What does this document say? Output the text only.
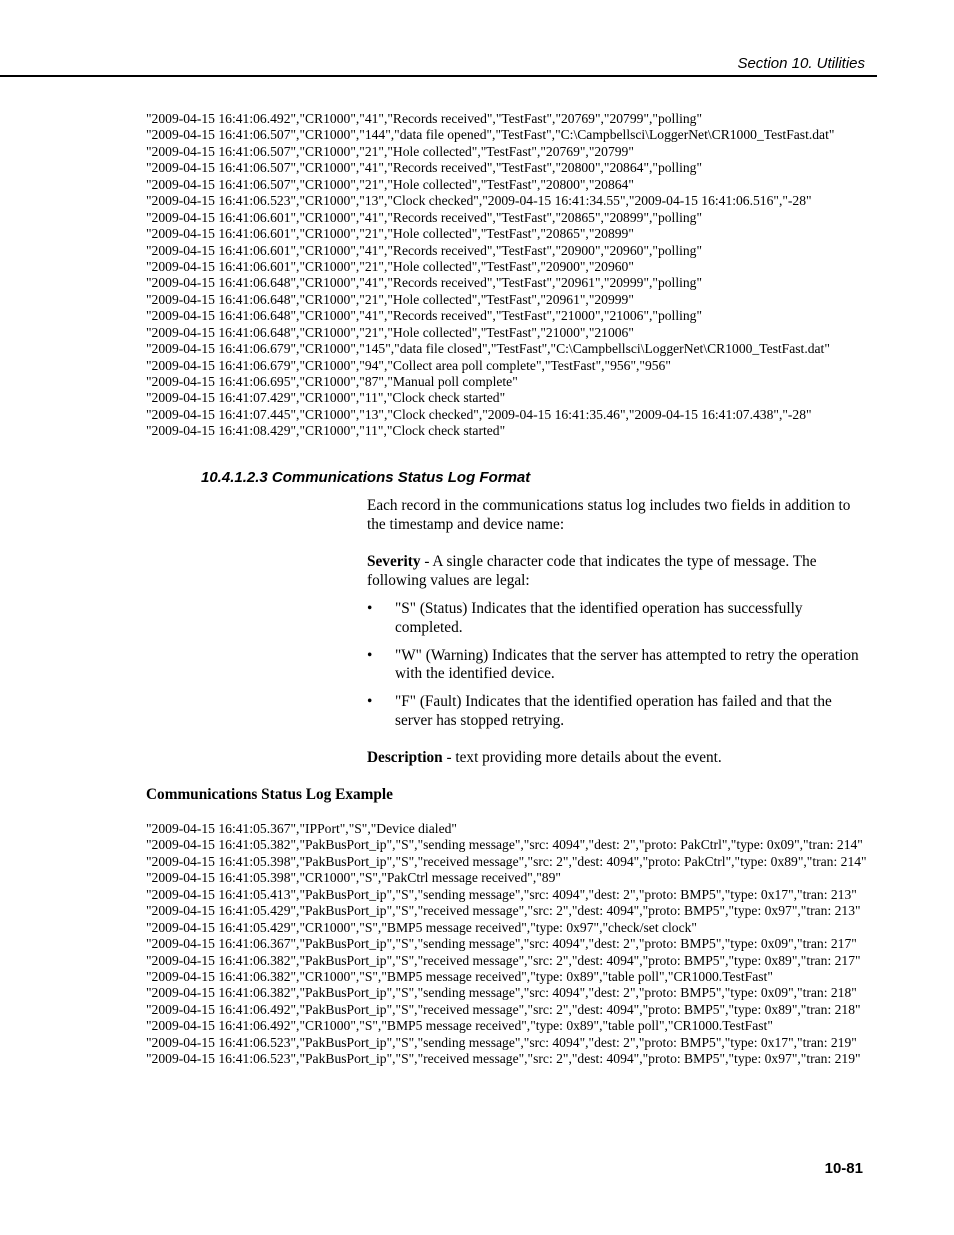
Section 10. Utilities
"2009-04-15 16:41:06.492","CR1000","41","Records received","TestFast","20769","20799","polling"
"2009-04-15 16:41:06.507","CR1000","144","data file opened","TestFast","C:\Campbellsci\LoggerNet\CR1000_TestFast.dat"
"2009-04-15 16:41:06.507","CR1000","21","Hole collected","TestFast","20769","20799"
"2009-04-15 16:41:06.507","CR1000","41","Records received","TestFast","20800","20864","polling"
"2009-04-15 16:41:06.507","CR1000","21","Hole collected","TestFast","20800","20864"
"2009-04-15 16:41:06.523","CR1000","13","Clock checked","2009-04-15 16:41:34.55","2009-04-15 16:41:06.516","-28"
"2009-04-15 16:41:06.601","CR1000","41","Records received","TestFast","20865","20899","polling"
"2009-04-15 16:41:06.601","CR1000","21","Hole collected","TestFast","20865","20899"
"2009-04-15 16:41:06.601","CR1000","41","Records received","TestFast","20900","20960","polling"
"2009-04-15 16:41:06.601","CR1000","21","Hole collected","TestFast","20900","20960"
"2009-04-15 16:41:06.648","CR1000","41","Records received","TestFast","20961","20999","polling"
"2009-04-15 16:41:06.648","CR1000","21","Hole collected","TestFast","20961","20999"
"2009-04-15 16:41:06.648","CR1000","41","Records received","TestFast","21000","21006","polling"
"2009-04-15 16:41:06.648","CR1000","21","Hole collected","TestFast","21000","21006"
"2009-04-15 16:41:06.679","CR1000","145","data file closed","TestFast","C:\Campbellsci\LoggerNet\CR1000_TestFast.dat"
"2009-04-15 16:41:06.679","CR1000","94","Collect area poll complete","TestFast","956","956"
"2009-04-15 16:41:06.695","CR1000","87","Manual poll complete"
"2009-04-15 16:41:07.429","CR1000","11","Clock check started"
"2009-04-15 16:41:07.445","CR1000","13","Clock checked","2009-04-15 16:41:35.46","2009-04-15 16:41:07.438","-28"
"2009-04-15 16:41:08.429","CR1000","11","Clock check started"
10.4.1.2.3 Communications Status Log Format
Each record in the communications status log includes two fields in addition to the timestamp and device name:
Severity - A single character code that indicates the type of message. The following values are legal:
• "S" (Status) Indicates that the identified operation has successfully completed.
• "W" (Warning) Indicates that the server has attempted to retry the operation with the identified device.
• "F" (Fault) Indicates that the identified operation has failed and that the server has stopped retrying.
Description - text providing more details about the event.
Communications Status Log Example
"2009-04-15 16:41:05.367","IPPort","S","Device dialed"
"2009-04-15 16:41:05.382","PakBusPort_ip","S","sending message","src: 4094","dest: 2","proto: PakCtrl","type: 0x09","tran: 214"
"2009-04-15 16:41:05.398","PakBusPort_ip","S","received message","src: 2","dest: 4094","proto: PakCtrl","type: 0x89","tran: 214"
"2009-04-15 16:41:05.398","CR1000","S","PakCtrl message received","89"
"2009-04-15 16:41:05.413","PakBusPort_ip","S","sending message","src: 4094","dest: 2","proto: BMP5","type: 0x17","tran: 213"
"2009-04-15 16:41:05.429","PakBusPort_ip","S","received message","src: 2","dest: 4094","proto: BMP5","type: 0x97","tran: 213"
"2009-04-15 16:41:05.429","CR1000","S","BMP5 message received","type: 0x97","check/set clock"
"2009-04-15 16:41:06.367","PakBusPort_ip","S","sending message","src: 4094","dest: 2","proto: BMP5","type: 0x09","tran: 217"
"2009-04-15 16:41:06.382","PakBusPort_ip","S","received message","src: 2","dest: 4094","proto: BMP5","type: 0x89","tran: 217"
"2009-04-15 16:41:06.382","CR1000","S","BMP5 message received","type: 0x89","table poll","CR1000.TestFast"
"2009-04-15 16:41:06.382","PakBusPort_ip","S","sending message","src: 4094","dest: 2","proto: BMP5","type: 0x09","tran: 218"
"2009-04-15 16:41:06.492","PakBusPort_ip","S","received message","src: 2","dest: 4094","proto: BMP5","type: 0x89","tran: 218"
"2009-04-15 16:41:06.492","CR1000","S","BMP5 message received","type: 0x89","table poll","CR1000.TestFast"
"2009-04-15 16:41:06.523","PakBusPort_ip","S","sending message","src: 4094","dest: 2","proto: BMP5","type: 0x17","tran: 219"
"2009-04-15 16:41:06.523","PakBusPort_ip","S","received message","src: 2","dest: 4094","proto: BMP5","type: 0x97","tran: 219"
10-81
